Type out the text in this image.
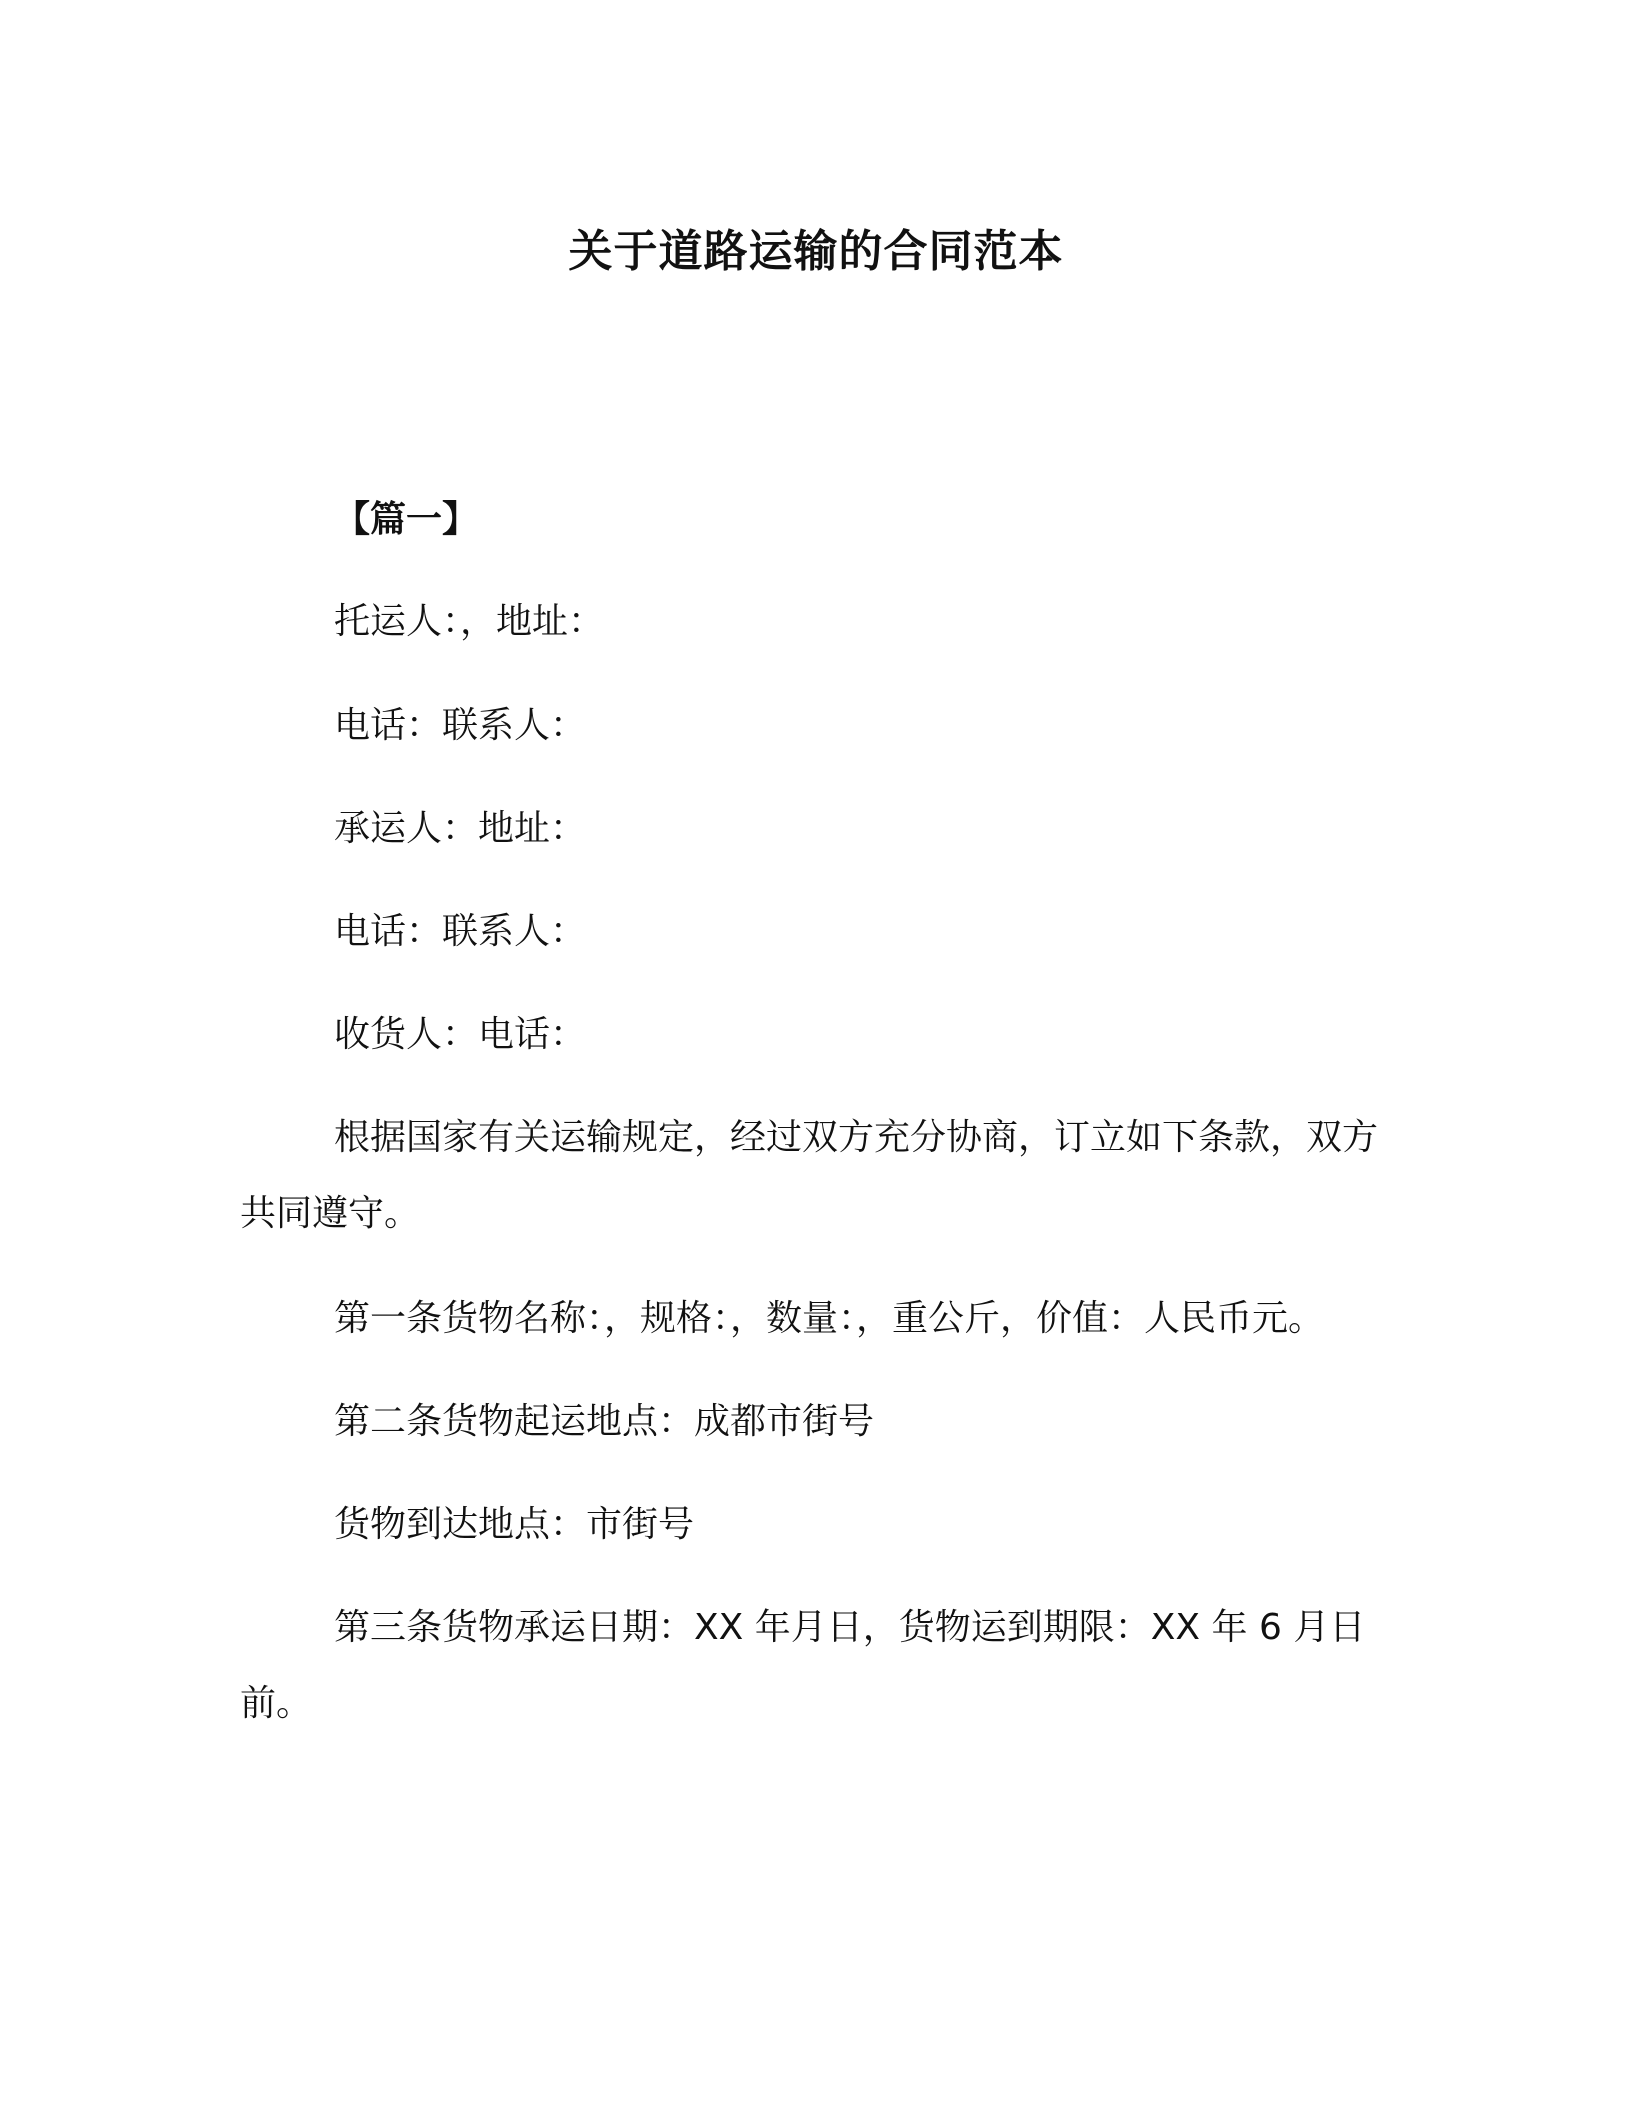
关于道路运输的合同范本

【篇一】

托运人：，地址：

电话：联系人：

承运人：地址：

电话：联系人：

收货人：电话：

根据国家有关运输规定，经过双方充分协商，订立如下条款，双方共同遵守。

第一条货物名称：，规格：，数量：，重公斤，价值：人民币元。

第二条货物起运地点：成都市街号

货物到达地点：市街号

第三条货物承运日期：XX 年月日，货物运到期限：XX 年 6 月日前。
